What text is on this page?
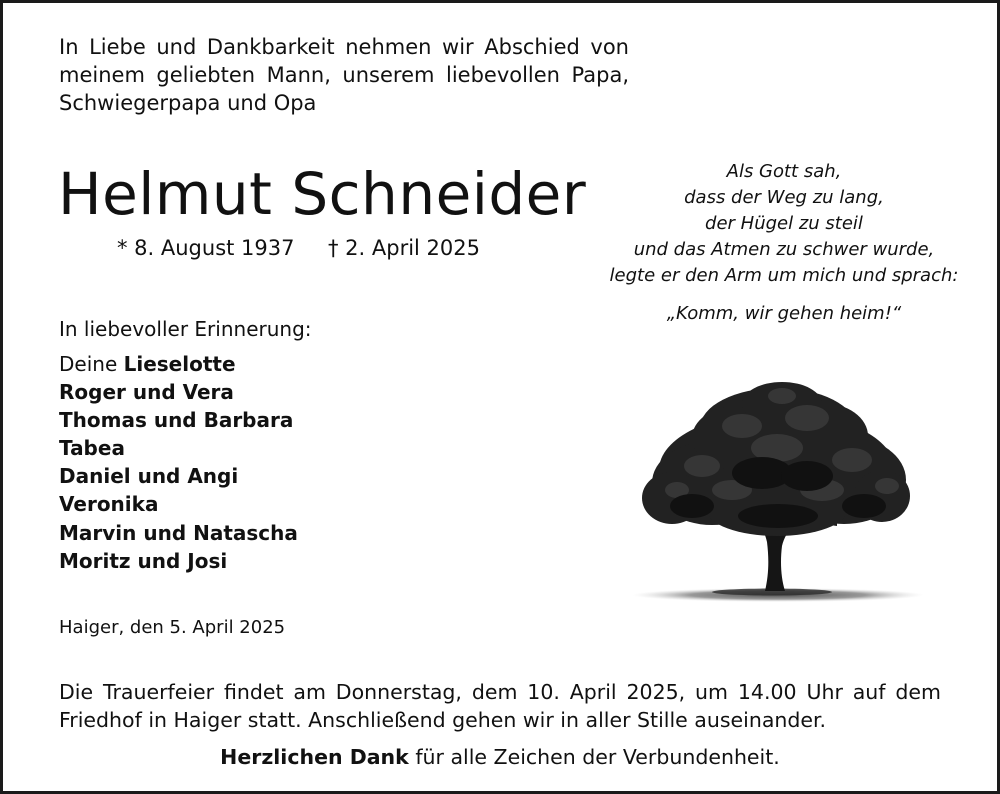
In Liebe und Dankbarkeit nehmen wir Abschied von meinem geliebten Mann, unserem liebevollen Papa, Schwiegerpapa und Opa
Helmut Schneider
* 8. August 1937 † 2. April 2025
Als Gott sah,
dass der Weg zu lang,
der Hügel zu steil
und das Atmen zu schwer wurde,
legte er den Arm um mich und sprach:
„Komm, wir gehen heim!“
In liebevoller Erinnerung:
Deine Lieselotte
Roger und Vera
Thomas und Barbara
Tabea
Daniel und Angi
Veronika
Marvin und Natascha
Moritz und Josi
Haiger, den 5. April 2025
Die Trauerfeier findet am Donnerstag, dem 10. April 2025, um 14.00 Uhr auf dem Friedhof in Haiger statt. Anschließend gehen wir in aller Stille auseinander.
Herzlichen Dank für alle Zeichen der Verbundenheit.
